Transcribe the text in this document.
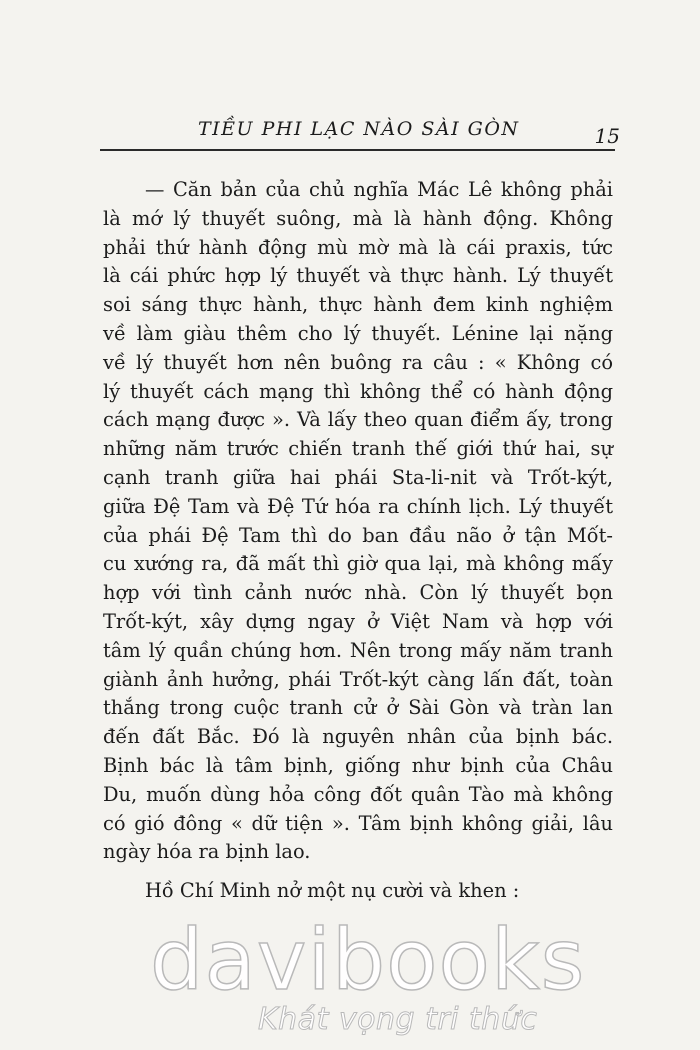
TIỀU PHI LẠC NÀO SÀI GÒN	15
— Căn bản của chủ nghĩa Mác Lê không phải
là mớ lý thuyết suông, mà là hành động. Không
phải thứ hành động mù mờ mà là cái praxis, tức
là cái phức hợp lý thuyết và thực hành. Lý thuyết
soi sáng thực hành, thực hành đem kinh nghiệm
về làm giàu thêm cho lý thuyết. Lénine lại nặng
về lý thuyết hơn nên buông ra câu : « Không có
lý thuyết cách mạng thì không thể có hành động
cách mạng được ». Và lấy theo quan điểm ấy, trong
những năm trước chiến tranh thế giới thứ hai, sự
cạnh tranh giữa hai phái Sta-li-nit và Trốt-kýt,
giữa Đệ Tam và Đệ Tứ hóa ra chính lịch. Lý thuyết
của phái Đệ Tam thì do ban đầu não ở tận Mốt-
cu xướng ra, đã mất thì giờ qua lại, mà không mấy
hợp với tình cảnh nước nhà. Còn lý thuyết bọn
Trốt-kýt, xây dựng ngay ở Việt Nam và hợp với
tâm lý quần chúng hơn. Nên trong mấy năm tranh
giành ảnh hưởng, phái Trốt-kýt càng lấn đất, toàn
thắng trong cuộc tranh cử ở Sài Gòn và tràn lan
đến đất Bắc. Đó là nguyên nhân của bịnh bác.
Bịnh bác là tâm bịnh, giống như bịnh của Châu
Du, muốn dùng hỏa công đốt quân Tào mà không
có gió đông « dữ tiện ». Tâm bịnh không giải, lâu
ngày hóa ra bịnh lao.
Hồ Chí Minh nở một nụ cười và khen :
davibooks
Khát vọng tri thức
